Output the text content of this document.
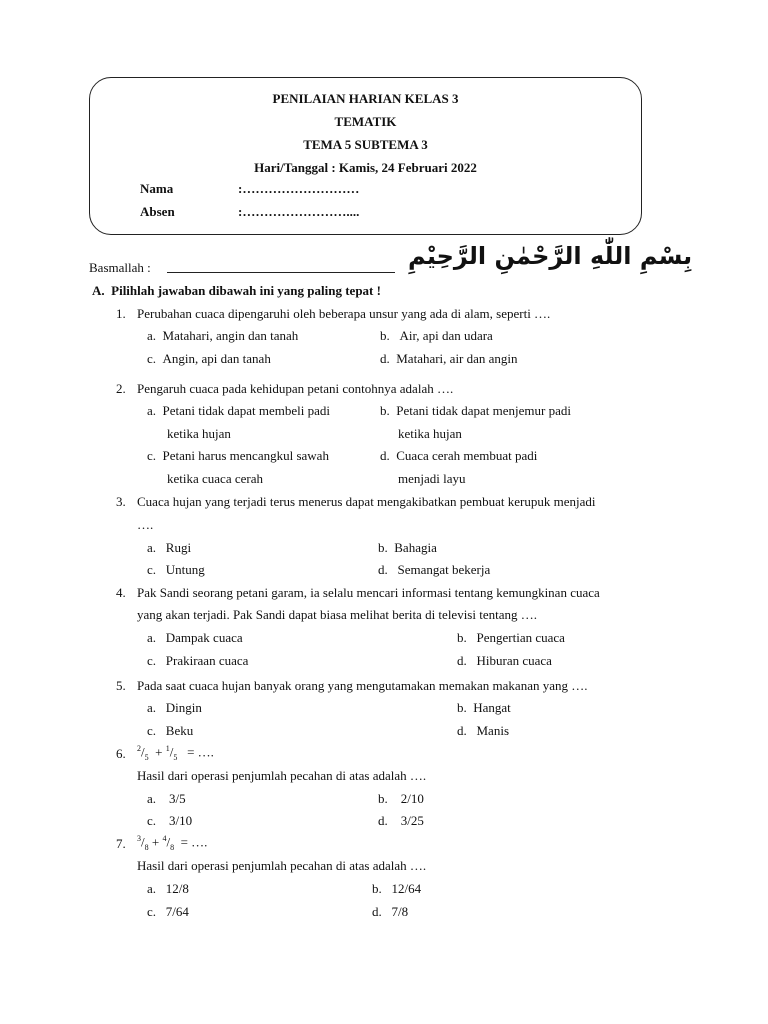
PENILAIAN HARIAN KELAS 3
TEMATIK
TEMA 5 SUBTEMA 3
Hari/Tanggal : Kamis, 24 Februari 2022
Nama	:………………………
Absen	:……………………....
Basmallah :	بِسْمِ اللّٰهِ الرَّحْمٰنِ الرَّحِيْمِ
A.  Pilihlah jawaban dibawah ini yang paling tepat !
1. Perubahan cuaca dipengaruhi oleh beberapa unsur yang ada di alam, seperti ….
a.  Matahari, angin dan tanah	b.   Air, api dan udara
c.  Angin, api dan tanah	d.  Matahari, air dan angin
2. Pengaruh cuaca pada kehidupan petani contohnya adalah ….
a.  Petani tidak dapat membeli padi
ketika hujan
b.  Petani tidak dapat menjemur padi
ketika hujan
c.  Petani harus mencangkul sawah
ketika cuaca cerah
d.  Cuaca cerah membuat padi
menjadi layu
3. Cuaca hujan yang terjadi terus menerus dapat mengakibatkan pembuat kerupuk menjadi
….
a.   Rugi	b.  Bahagia
c.   Untung	d.   Semangat bekerja
4. Pak Sandi seorang petani garam, ia selalu mencari informasi tentang kemungkinan cuaca
yang akan terjadi. Pak Sandi dapat biasa melihat berita di televisi tentang ….
a.   Dampak cuaca	b.   Pengertian cuaca
c.   Prakiraan cuaca	d.   Hiburan cuaca
5. Pada saat cuaca hujan banyak orang yang mengutamakan memakan makanan yang ….
a.   Dingin	b.  Hangat
c.   Beku	d.   Manis
6. $^2/_5 + ^1/_5$ = ….
Hasil dari operasi penjumlah pecahan di atas adalah ….
a.    3/5	b.    2/10
c.    3/10	d.    3/25
7. $^3/_8 + ^4/_8$ = ….
Hasil dari operasi penjumlah pecahan di atas adalah ….
a.   12/8	b.   12/64
c.   7/64	d.   7/8
